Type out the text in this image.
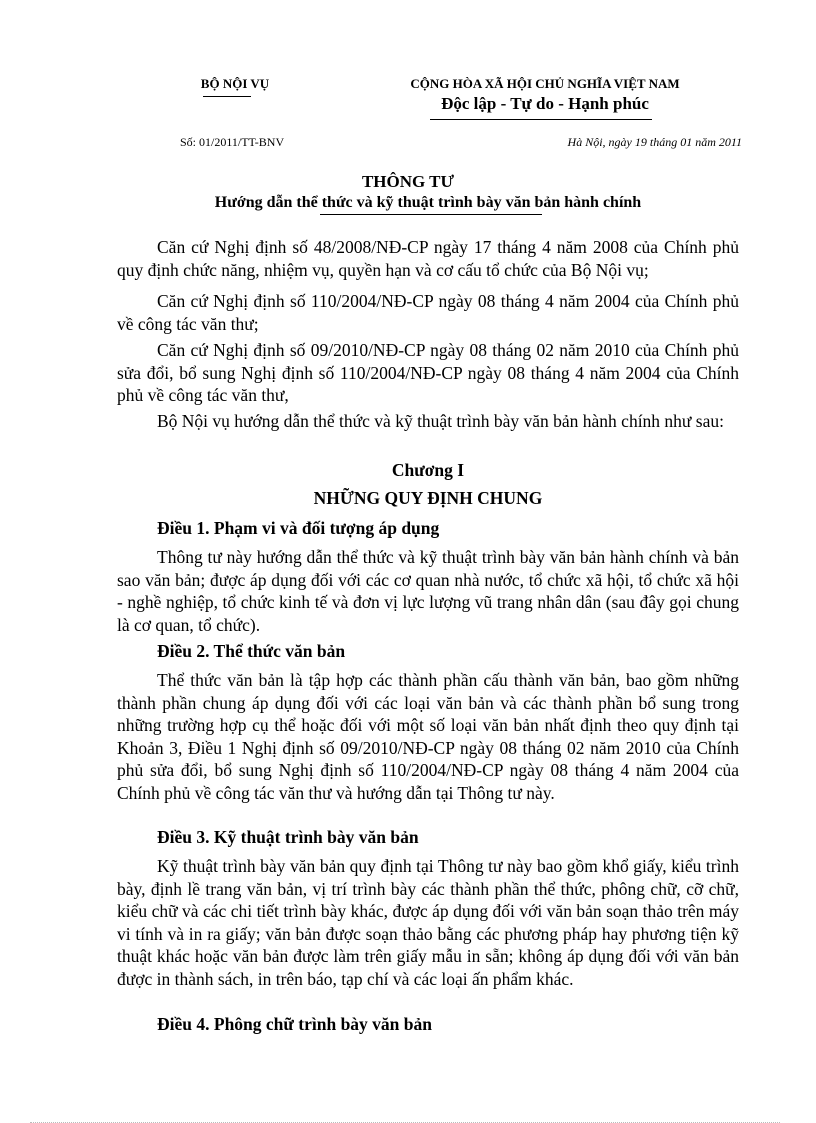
BỘ NỘI VỤ	CỘNG HÒA XÃ HỘI CHỦ NGHĨA VIỆT NAM
Độc lập - Tự do - Hạnh phúc
Số: 01/2011/TT-BNV	Hà Nội, ngày 19 tháng 01 năm 2011
THÔNG TƯ
Hướng dẫn thể thức và kỹ thuật trình bày văn bản hành chính
Căn cứ Nghị định số 48/2008/NĐ-CP ngày 17 tháng 4 năm 2008 của Chính phủ quy định chức năng, nhiệm vụ, quyền hạn và cơ cấu tổ chức của Bộ Nội vụ;
Căn cứ Nghị định số 110/2004/NĐ-CP ngày 08 tháng 4 năm 2004 của Chính phủ về công tác văn thư;
Căn cứ Nghị định số 09/2010/NĐ-CP ngày 08 tháng 02 năm 2010 của Chính phủ sửa đổi, bổ sung Nghị định số 110/2004/NĐ-CP ngày 08 tháng 4 năm 2004 của Chính phủ về công tác văn thư,
Bộ Nội vụ hướng dẫn thể thức và kỹ thuật trình bày văn bản hành chính như sau:
Chương I
NHỮNG QUY ĐỊNH CHUNG
Điều 1. Phạm vi và đối tượng áp dụng
Thông tư này hướng dẫn thể thức và kỹ thuật trình bày văn bản hành chính và bản sao văn bản; được áp dụng đối với các cơ quan nhà nước, tổ chức xã hội, tổ chức xã hội - nghề nghiệp, tổ chức kinh tế và đơn vị lực lượng vũ trang nhân dân (sau đây gọi chung là cơ quan, tổ chức).
Điều 2. Thể thức văn bản
Thể thức văn bản là tập hợp các thành phần cấu thành văn bản, bao gồm những thành phần chung áp dụng đối với các loại văn bản và các thành phần bổ sung trong những trường hợp cụ thể hoặc đối với một số loại văn bản nhất định theo quy định tại Khoản 3, Điều 1 Nghị định số 09/2010/NĐ-CP ngày 08 tháng 02 năm 2010 của Chính phủ sửa đổi, bổ sung Nghị định số 110/2004/NĐ-CP ngày 08 tháng 4 năm 2004 của Chính phủ về công tác văn thư và hướng dẫn tại Thông tư này.
Điều 3. Kỹ thuật trình bày văn bản
Kỹ thuật trình bày văn bản quy định tại Thông tư này bao gồm khổ giấy, kiểu trình bày, định lề trang văn bản, vị trí trình bày các thành phần thể thức, phông chữ, cỡ chữ, kiểu chữ và các chi tiết trình bày khác, được áp dụng đối với văn bản soạn thảo trên máy vi tính và in ra giấy; văn bản được soạn thảo bằng các phương pháp hay phương tiện kỹ thuật khác hoặc văn bản được làm trên giấy mẫu in sẵn; không áp dụng đối với văn bản được in thành sách, in trên báo, tạp chí và các loại ấn phẩm khác.
Điều 4. Phông chữ trình bày văn bản
